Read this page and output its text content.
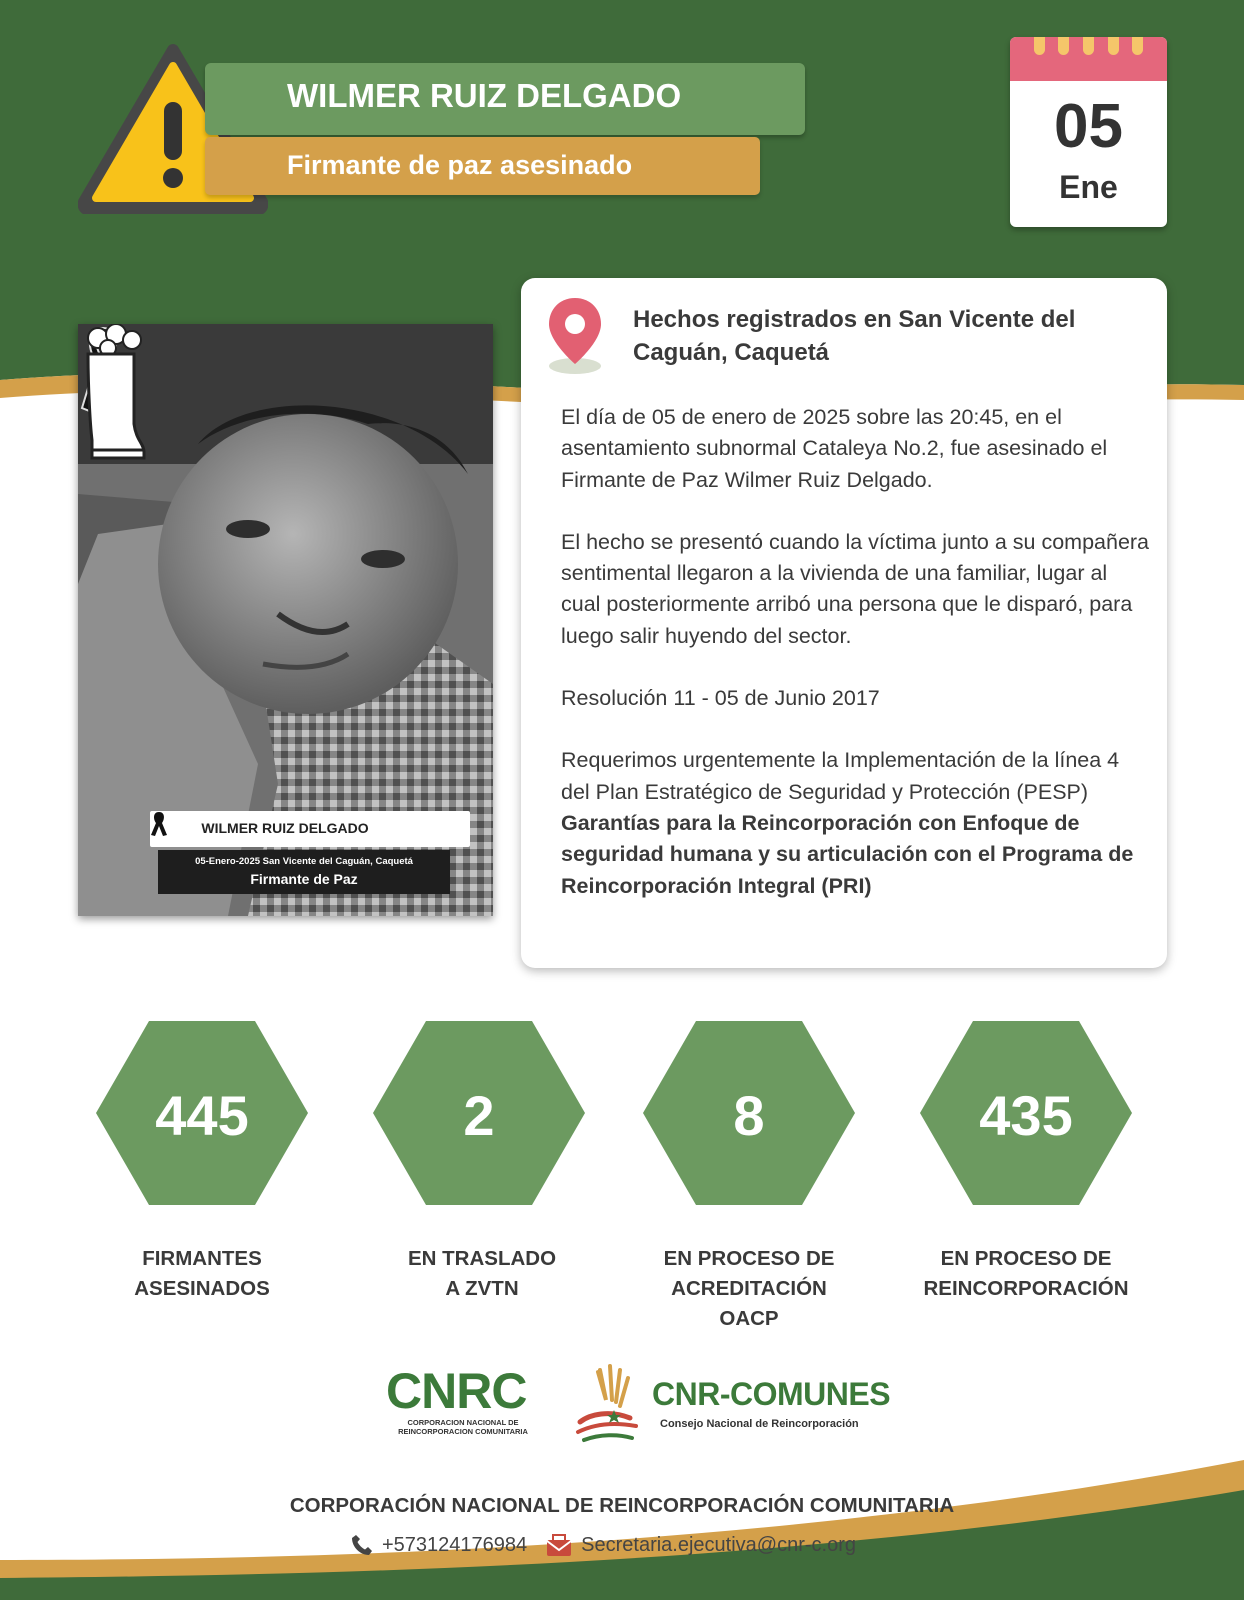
WILMER RUIZ DELGADO
Firmante de paz asesinado
05
Ene
WILMER RUIZ DELGADO
05-Enero-2025 San Vicente del Caguán, Caquetá
Firmante de Paz
Hechos registrados en San Vicente del Caguán, Caquetá

El día de 05 de enero de 2025 sobre las 20:45, en el asentamiento subnormal Cataleya No.2, fue asesinado el Firmante de Paz Wilmer Ruiz Delgado.

El hecho se presentó cuando la víctima junto a su compañera sentimental llegaron a la vivienda de una familiar, lugar al cual posteriormente arribó una persona que le disparó, para luego salir huyendo del sector.

Resolución 11 - 05 de Junio 2017

Requerimos urgentemente la Implementación de la línea 4 del Plan Estratégico de Seguridad y Protección (PESP) Garantías para la Reincorporación con Enfoque de seguridad humana y su articulación con el Programa de Reincorporación Integral (PRI)

445	2	8	435
FIRMANTES
ASESINADOS
EN TRASLADO
A ZVTN
EN PROCESO DE
ACREDITACIÓN
OACP
EN PROCESO DE
REINCORPORACIÓN
CNRC
CORPORACION NACIONAL DE
REINCORPORACION COMUNITARIA
CNR-COMUNES
Consejo Nacional de Reincorporación
CORPORACIÓN NACIONAL DE REINCORPORACIÓN COMUNITARIA
+573124176984	Secretaria.ejecutiva@cnr-c.org
